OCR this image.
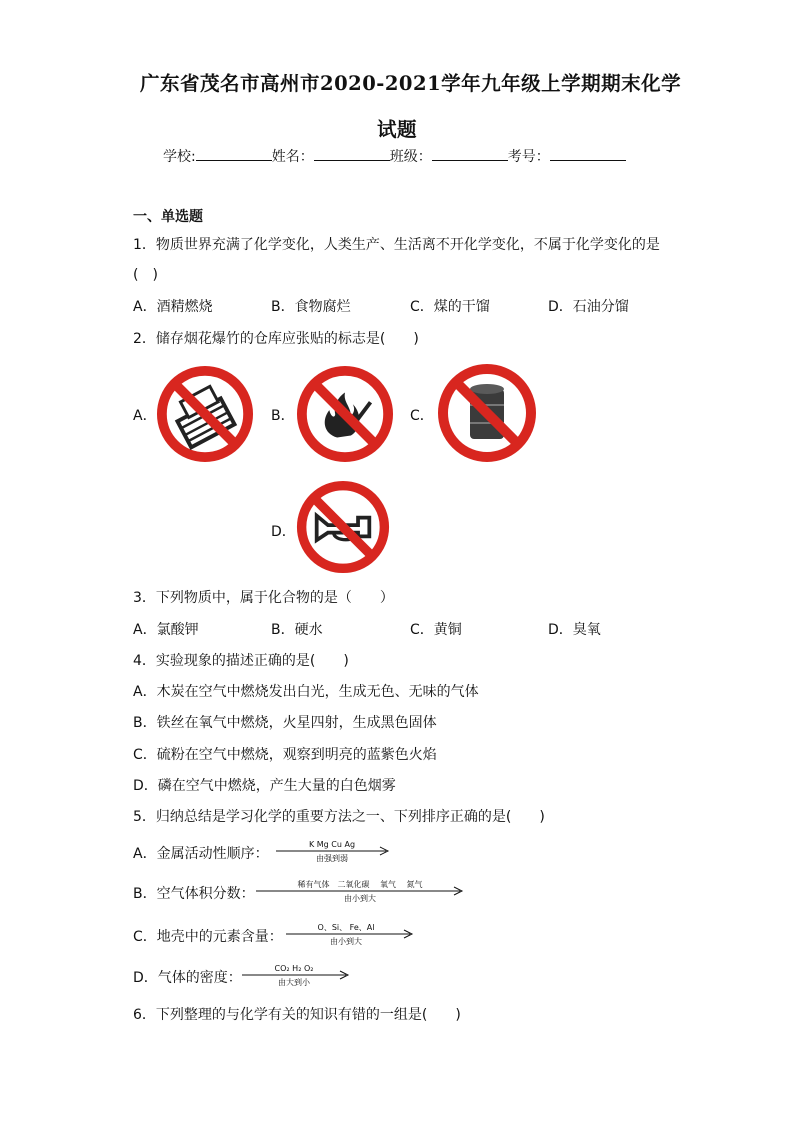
广东省茂名市高州市2020-2021学年九年级上学期期末化学
试题
学校:	姓名：	班级：	考号：
一、单选题
1．物质世界充满了化学变化，人类生产、生活离不开化学变化，不属于化学变化的是
(　)
A．酒精燃烧	B．食物腐烂	C．煤的干馏	D．石油分馏
2．储存烟花爆竹的仓库应张贴的标志是(　　)
A．	B．	C．
D．
3．下列物质中，属于化合物的是（　　）
A．氯酸钾	B．硬水	C．黄铜	D．臭氧
4．实验现象的描述正确的是(　　)
A．木炭在空气中燃烧发出白光，生成无色、无味的气体
B．铁丝在氧气中燃烧，火星四射，生成黑色固体
C．硫粉在空气中燃烧，观察到明亮的蓝紫色火焰
D．磷在空气中燃烧，产生大量的白色烟雾
5．归纳总结是学习化学的重要方法之一、下列排序正确的是(　　)
A．金属活动性顺序：
K Mg Cu Ag
由强到弱
B．空气体积分数：
稀有气体　二氧化碳　 氧气　 氮气
由小到大
C．地壳中的元素含量：
O、Si、 Fe、Al
由小到大
D．气体的密度：
CO₂ H₂ O₂
由大到小
6．下列整理的与化学有关的知识有错的一组是(　　)
